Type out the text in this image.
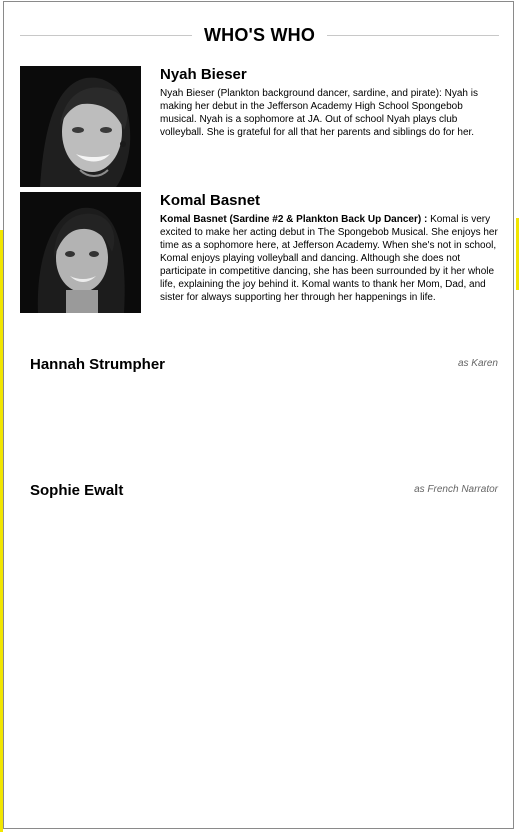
WHO'S WHO
Nyah Bieser

Nyah Bieser (Plankton background dancer, sardine, and pirate): Nyah is making her debut in the Jefferson Academy High School Spongebob musical. Nyah is a sophomore at JA. Out of school Nyah plays club volleyball. She is grateful for all that her parents and siblings do for her.

Komal Basnet

Komal Basnet (Sardine #2 & Plankton Back Up Dancer) : Komal is very excited to make her acting debut in The Spongebob Musical. She enjoys her time as a sophomore here, at Jefferson Academy. When she's not in school, Komal enjoys playing volleyball and dancing. Although she does not participate in competitive dancing, she has been surrounded by it her whole life, explaining the joy behind it. Komal wants to thank her Mom, Dad, and sister for always supporting her through her happenings in life.

Hannah Strumpher	as Karen
Sophie Ewalt	as French Narrator
